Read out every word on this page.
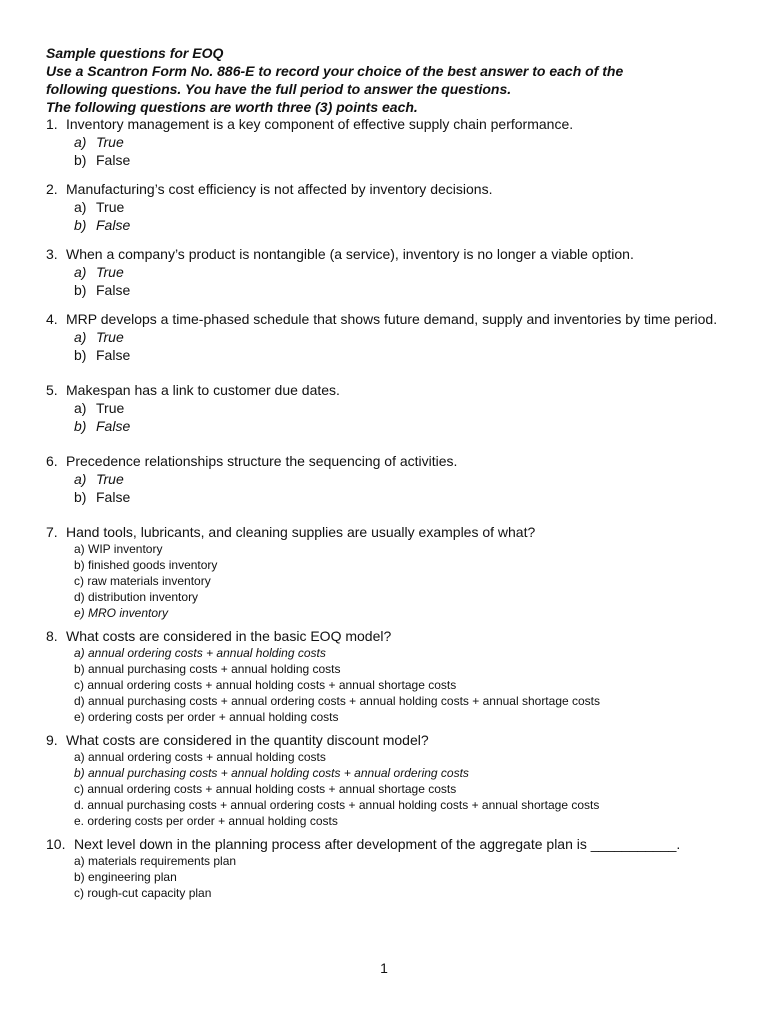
Sample questions for EOQ
Use a Scantron Form No. 886-E to record your choice of the best answer to each of the
following questions. You have the full period to answer the questions.
The following questions are worth three (3) points each.
1. Inventory management is a key component of effective supply chain performance.
a) True
b) False
2. Manufacturing’s cost efficiency is not affected by inventory decisions.
a) True
b) False
3. When a company’s product is nontangible (a service), inventory is no longer a viable option.
a) True
b) False
4. MRP develops a time-phased schedule that shows future demand, supply and inventories by time period.
a) True
b) False
5. Makespan has a link to customer due dates.
a) True
b) False
6. Precedence relationships structure the sequencing of activities.
a) True
b) False
7. Hand tools, lubricants, and cleaning supplies are usually examples of what?
a) WIP inventory
b) finished goods inventory
c) raw materials inventory
d) distribution inventory
e) MRO inventory
8. What costs are considered in the basic EOQ model?
a) annual ordering costs + annual holding costs
b) annual purchasing costs + annual holding costs
c) annual ordering costs + annual holding costs + annual shortage costs
d) annual purchasing costs + annual ordering costs + annual holding costs + annual shortage costs
e) ordering costs per order + annual holding costs
9. What costs are considered in the quantity discount model?
a) annual ordering costs + annual holding costs
b) annual purchasing costs + annual holding costs + annual ordering costs
c) annual ordering costs + annual holding costs + annual shortage costs
d. annual purchasing costs + annual ordering costs + annual holding costs + annual shortage costs
e. ordering costs per order + annual holding costs
10. Next level down in the planning process after development of the aggregate plan is ___________.
a) materials requirements plan
b) engineering plan
c) rough-cut capacity plan
1
